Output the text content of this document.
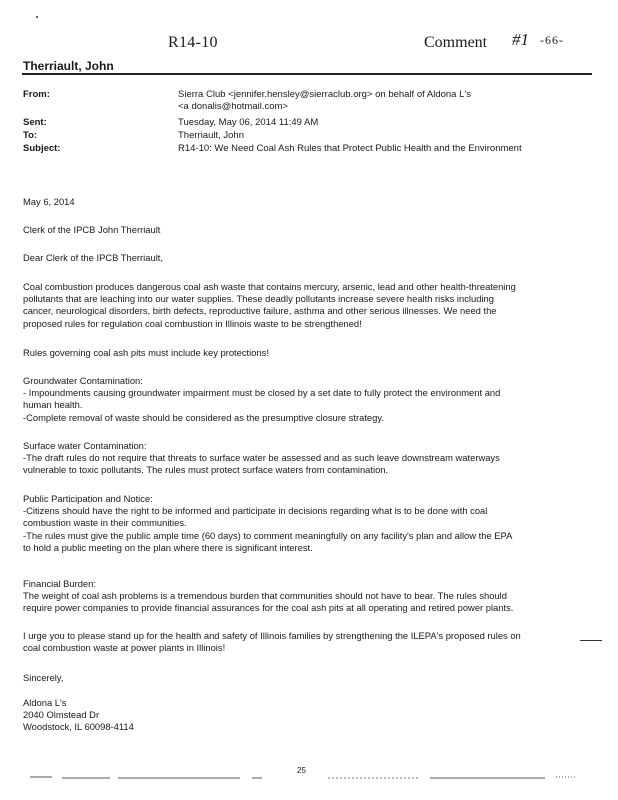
R14-10	Comment #1 -66-
Therriault, John
From:	Sierra Club <jennifer.hensley@sierraclub.org> on behalf of Aldona L's
<a donalis@hotmail.com>
Sent:	Tuesday, May 06, 2014 11:49 AM
To:	Therriault, John
Subject:	R14-10: We Need Coal Ash Rules that Protect Public Health and the Environment

May 6, 2014

Clerk of the IPCB John Therriault

Dear Clerk of the IPCB Therriault,

Coal combustion produces dangerous coal ash waste that contains mercury, arsenic, lead and other health-threatening

pollutants that are leaching into our water supplies. These deadly pollutants increase severe health risks including

cancer, neurological disorders, birth defects, reproductive failure, asthma and other serious illnesses. We need the

proposed rules for regulation coal combustion in Illinois waste to be strengthened!

Rules governing coal ash pits must include key protections!

Groundwater Contamination:

- Impoundments causing groundwater impairment must be closed by a set date to fully protect the environment and

human health.

-Complete removal of waste should be considered as the presumptive closure strategy.

Surface water Contamination:

-The draft rules do not require that threats to surface water be assessed and as such leave downstream waterways

vulnerable to toxic pollutants. The rules must protect surface waters from contamination.

Public Participation and Notice:

-Citizens should have the right to be informed and participate in decisions regarding what is to be done with coal

combustion waste in their communities.

-The rules must give the public ample time (60 days) to comment meaningfully on any facility's plan and allow the EPA

to hold a public meeting on the plan where there is significant interest.

Financial Burden:

The weight of coal ash problems is a tremendous burden that communities should not have to bear. The rules should

require power companies to provide financial assurances for the coal ash pits at all operating and retired power plants.

I urge you to please stand up for the health and safety of Illinois families by strengthening the ILEPA's proposed rules on

coal combustion waste at power plants in Illinois!

Sincerely,

Aldona L's

2040 Olmstead Dr

Woodstock, IL 60098-4114

25
